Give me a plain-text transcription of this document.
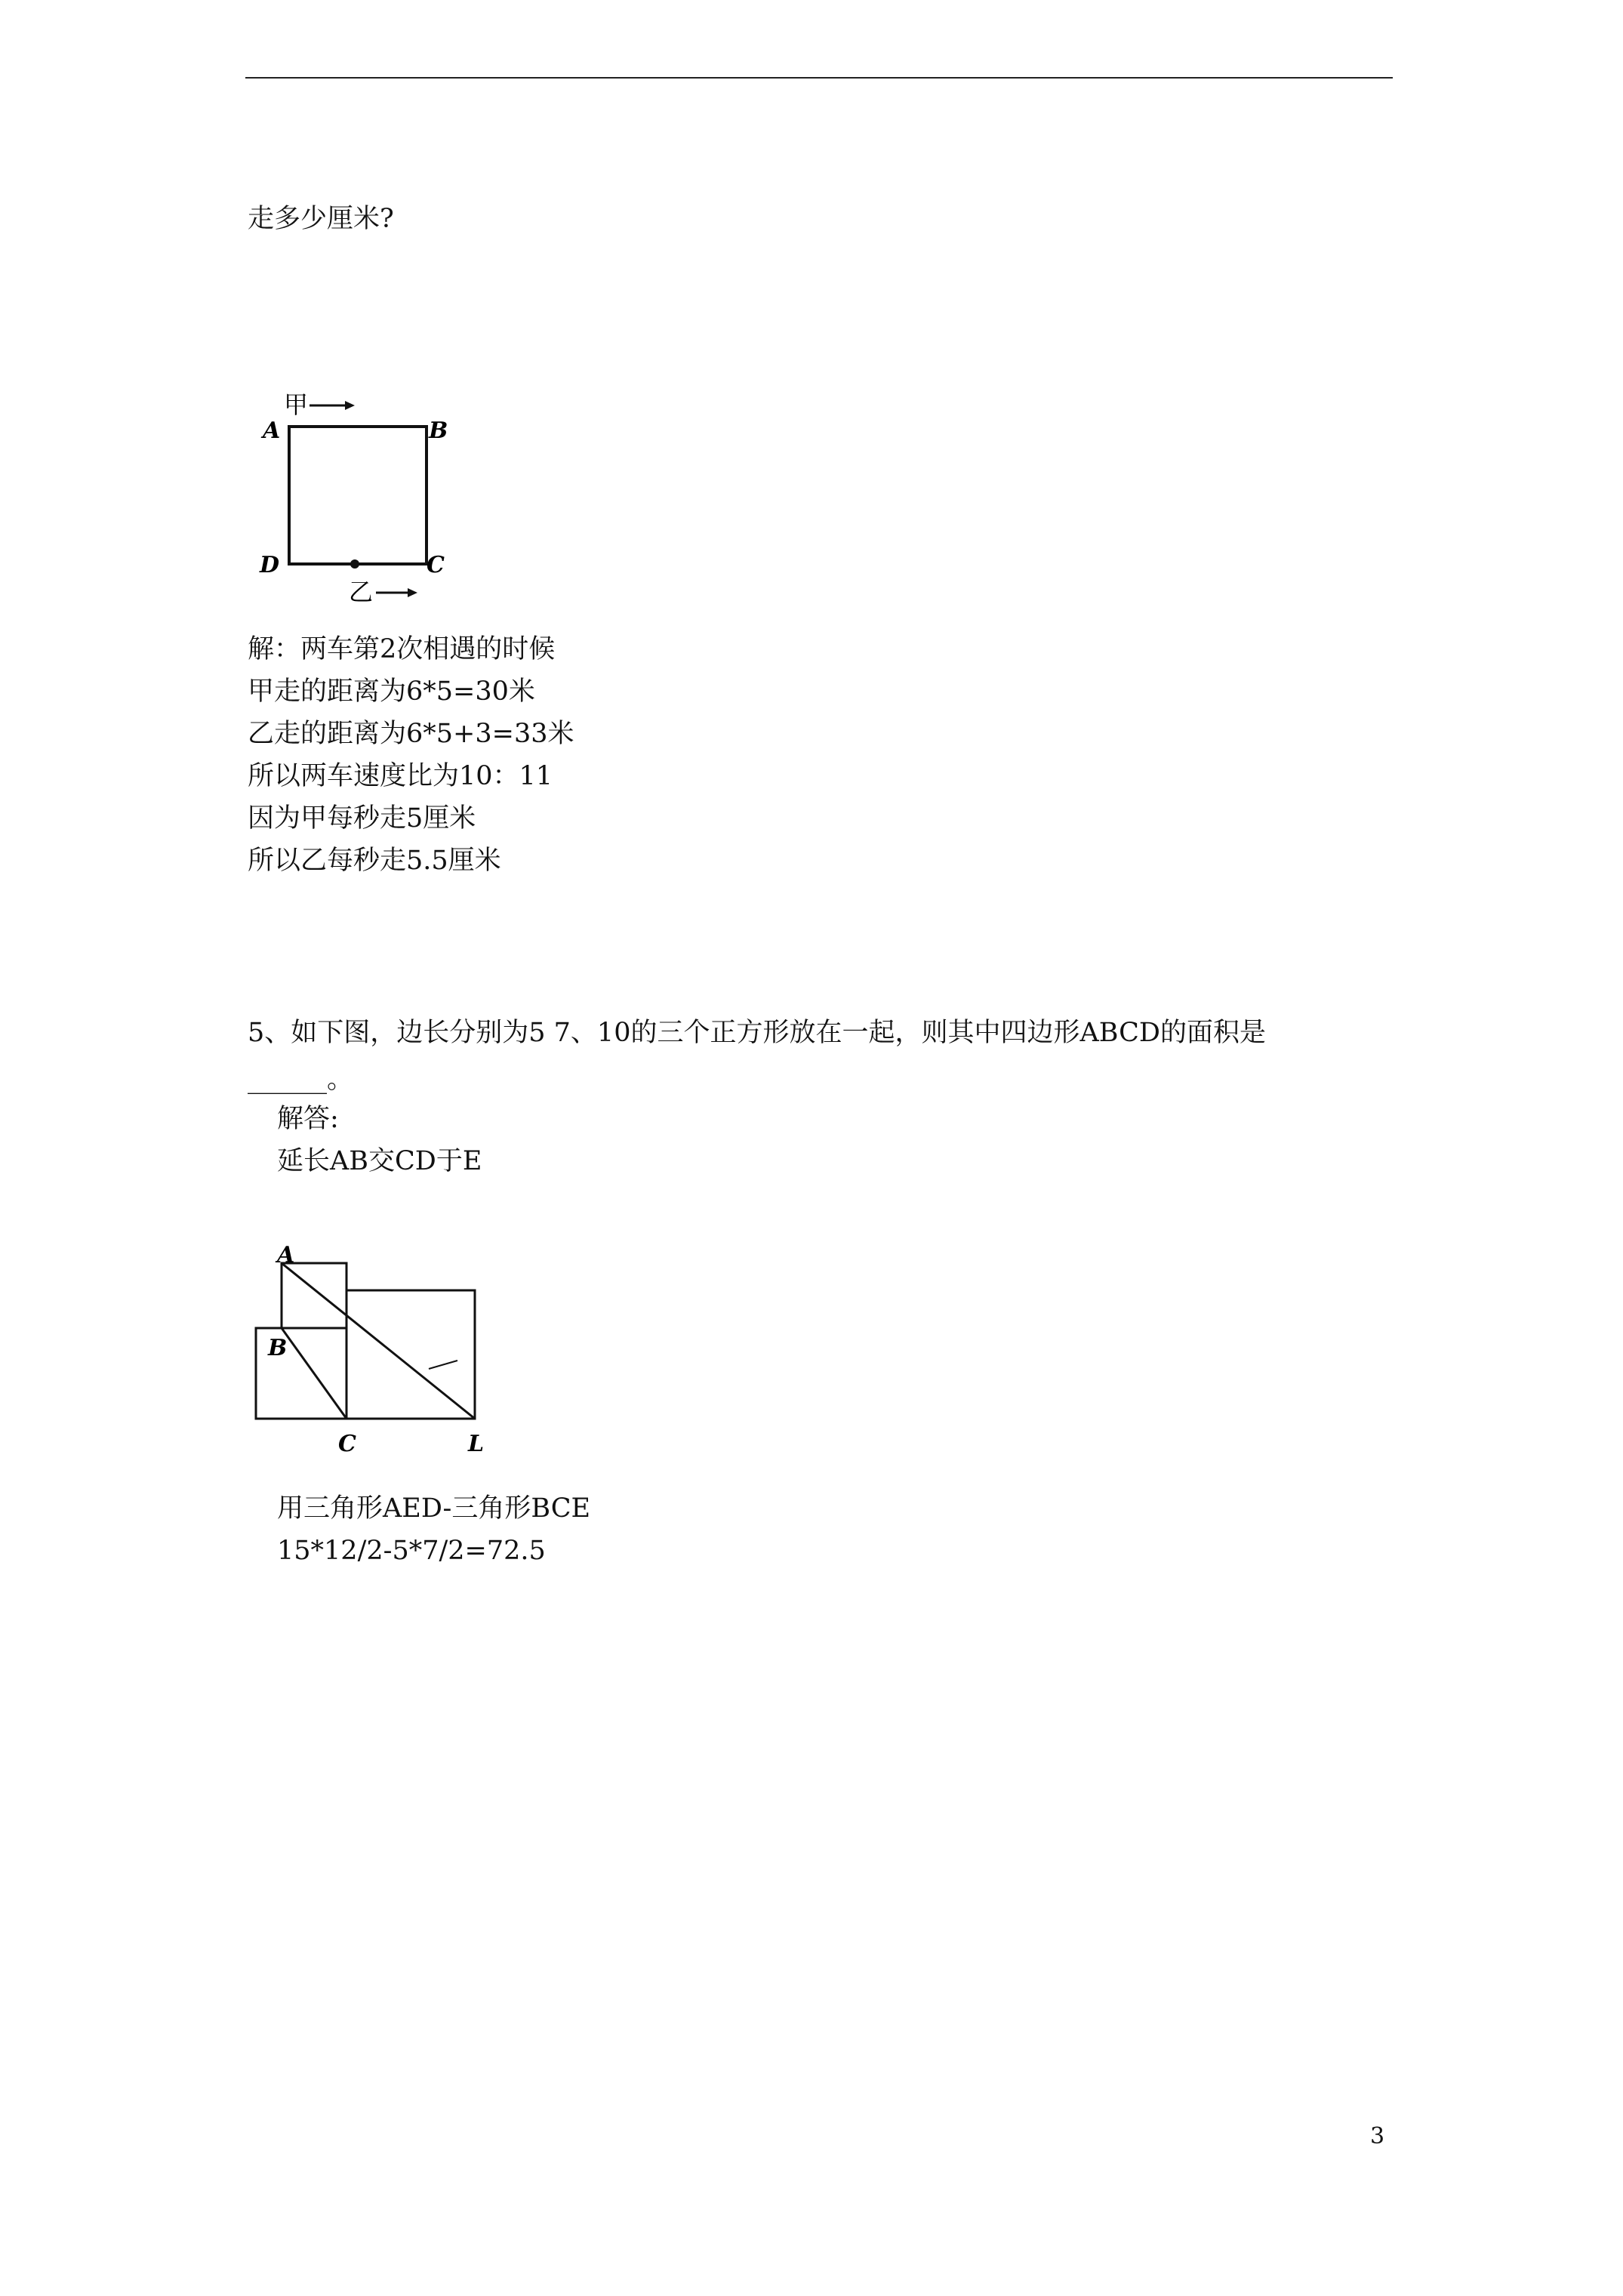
走多少厘米?
甲
A	B
D	C
乙
解：两车第2次相遇的时候
甲走的距离为6*5=30米
乙走的距离为6*5+3=33米
所以两车速度比为10：11
因为甲每秒走5厘米
所以乙每秒走5.5厘米
5、如下图，边长分别为5 7、10的三个正方形放在一起，则其中四边形ABCD的面积是
______。
解答:
延长AB交CD于E
A
B
C	L
用三角形AED-三角形BCE
15*12/2-5*7/2=72.5
3
